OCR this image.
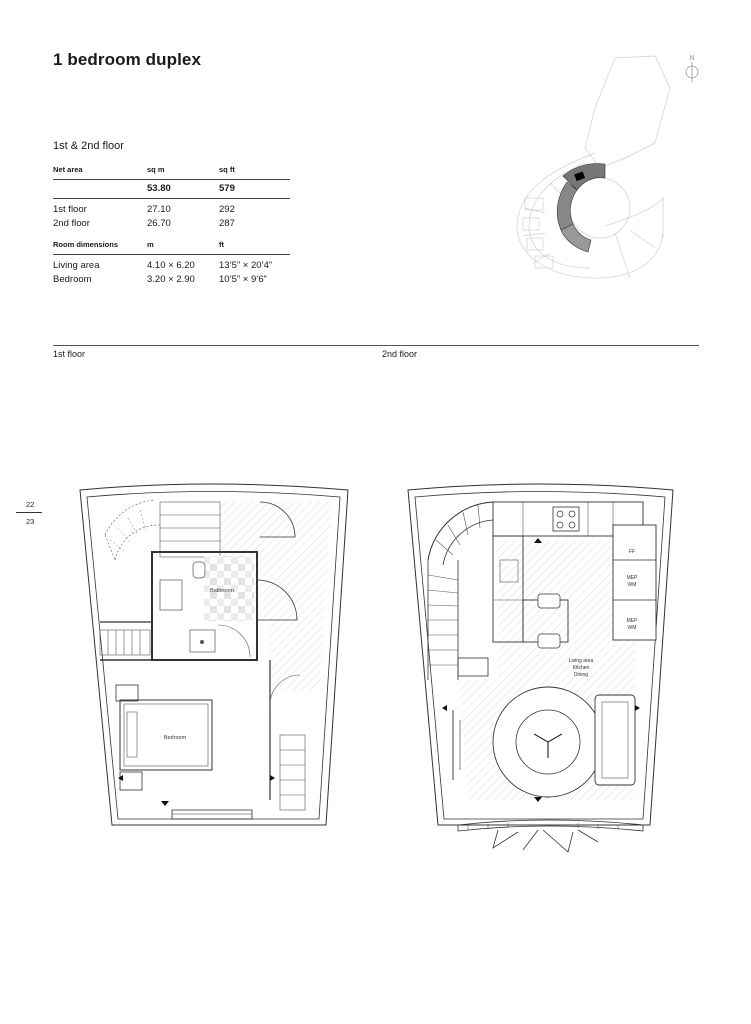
1 bedroom duplex	N
1st & 2nd floor
Net area	sq m	sq ft
	53.80	579
1st floor	27.10	292
2nd floor	26.70	287
Room dimensions	m	ft
Living area	4.10 × 6.20	13’5” × 20’4”
Bedroom	3.20 × 2.90	10’5” × 9’6”
1st floor	2nd floor
22
23
Bathroom
Bedroom
FF
MEP
WM
MEP
WM
Living area
Kitchen
Dining
